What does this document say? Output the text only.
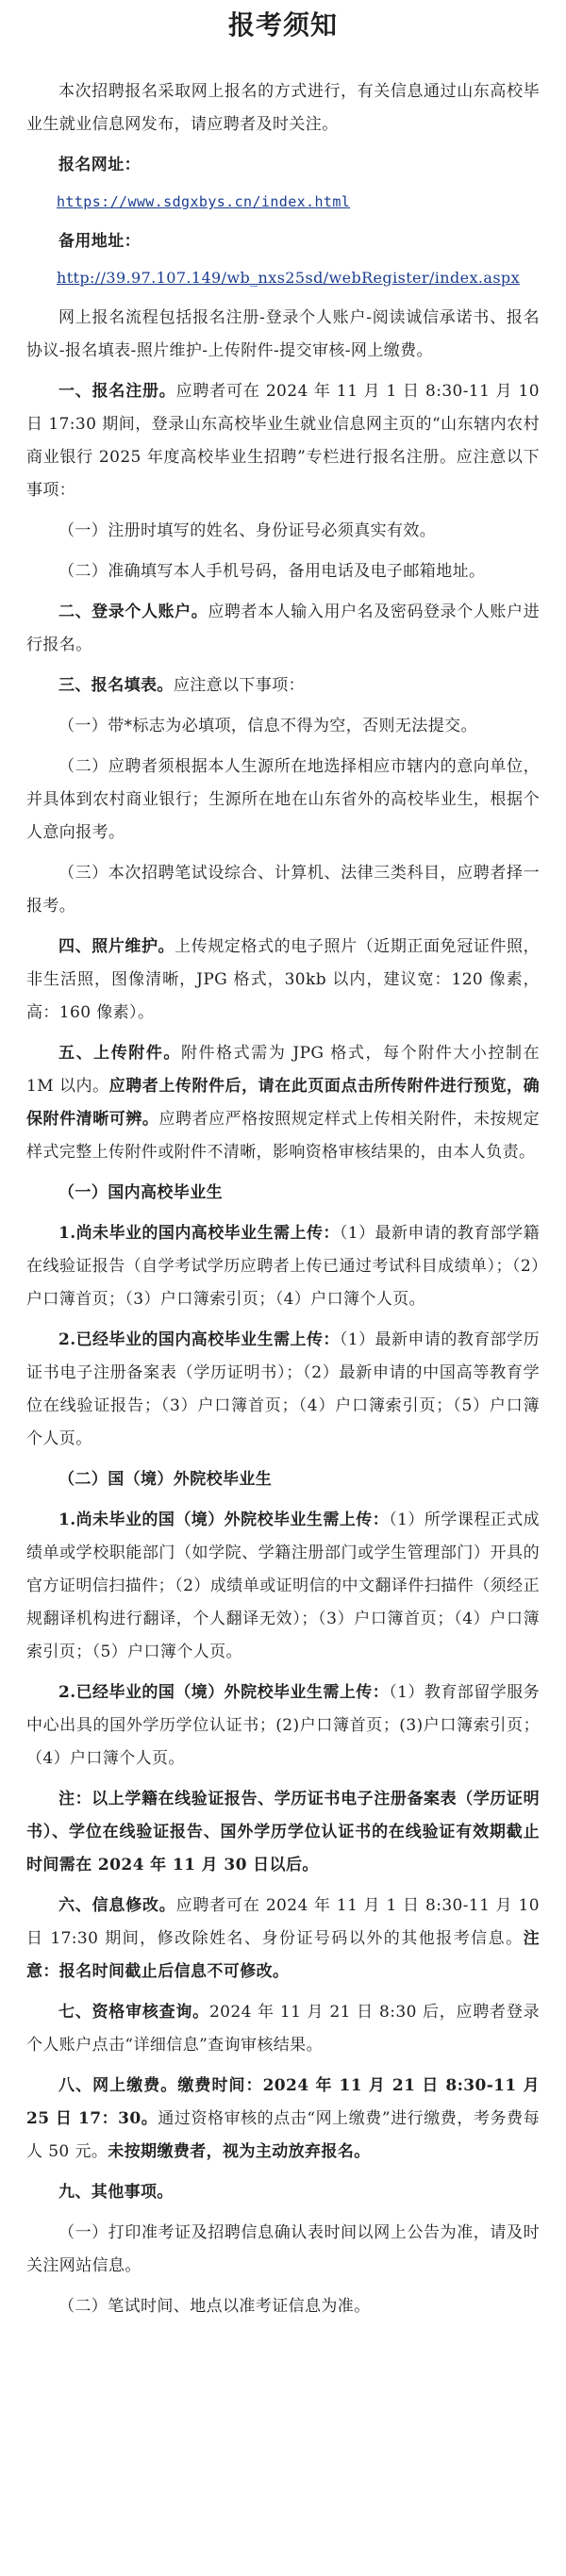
报考须知

本次招聘报名采取网上报名的方式进行，有关信息通过山东高校毕业生就业信息网发布，请应聘者及时关注。

报名网址：
https://www.sdgxbys.cn/index.html
备用地址：
http://39.97.107.149/wb_nxs25sd/webRegister/index.aspx

网上报名流程包括报名注册-登录个人账户-阅读诚信承诺书、报名协议-报名填表-照片维护-上传附件-提交审核-网上缴费。

一、报名注册。应聘者可在 2024 年 11 月 1 日 8:30-11 月 10 日 17:30 期间，登录山东高校毕业生就业信息网主页的“山东辖内农村商业银行 2025 年度高校毕业生招聘”专栏进行报名注册。应注意以下事项：

（一）注册时填写的姓名、身份证号必须真实有效。

（二）准确填写本人手机号码，备用电话及电子邮箱地址。

二、登录个人账户。应聘者本人输入用户名及密码登录个人账户进行报名。

三、报名填表。应注意以下事项：

（一）带*标志为必填项，信息不得为空，否则无法提交。

（二）应聘者须根据本人生源所在地选择相应市辖内的意向单位，并具体到农村商业银行；生源所在地在山东省外的高校毕业生，根据个人意向报考。

（三）本次招聘笔试设综合、计算机、法律三类科目，应聘者择一报考。

四、照片维护。上传规定格式的电子照片（近期正面免冠证件照，非生活照，图像清晰，JPG 格式，30kb 以内，建议宽：120 像素，高：160 像素）。

五、上传附件。附件格式需为 JPG 格式，每个附件大小控制在 1M 以内。应聘者上传附件后，请在此页面点击所传附件进行预览，确保附件清晰可辨。应聘者应严格按照规定样式上传相关附件，未按规定样式完整上传附件或附件不清晰，影响资格审核结果的，由本人负责。

（一）国内高校毕业生

1.尚未毕业的国内高校毕业生需上传：（1）最新申请的教育部学籍在线验证报告（自学考试学历应聘者上传已通过考试科目成绩单）；（2）户口簿首页；（3）户口簿索引页；（4）户口簿个人页。

2.已经毕业的国内高校毕业生需上传：（1）最新申请的教育部学历证书电子注册备案表（学历证明书）；（2）最新申请的中国高等教育学位在线验证报告；（3）户口簿首页；（4）户口簿索引页；（5）户口簿个人页。

（二）国（境）外院校毕业生

1.尚未毕业的国（境）外院校毕业生需上传：（1）所学课程正式成绩单或学校职能部门（如学院、学籍注册部门或学生管理部门）开具的官方证明信扫描件；（2）成绩单或证明信的中文翻译件扫描件（须经正规翻译机构进行翻译，个人翻译无效）；（3）户口簿首页；（4）户口簿索引页；（5）户口簿个人页。

2.已经毕业的国（境）外院校毕业生需上传：（1）教育部留学服务中心出具的国外学历学位认证书；(2)户口簿首页；(3)户口簿索引页；（4）户口簿个人页。

注：以上学籍在线验证报告、学历证书电子注册备案表（学历证明书）、学位在线验证报告、国外学历学位认证书的在线验证有效期截止时间需在 2024 年 11 月 30 日以后。

六、信息修改。应聘者可在 2024 年 11 月 1 日 8:30-11 月 10 日 17:30 期间，修改除姓名、身份证号码以外的其他报考信息。注意：报名时间截止后信息不可修改。

七、资格审核查询。2024 年 11 月 21 日 8:30 后，应聘者登录个人账户点击“详细信息”查询审核结果。

八、网上缴费。缴费时间：2024 年 11 月 21 日 8:30-11 月 25 日 17：30。通过资格审核的点击“网上缴费”进行缴费，考务费每人 50 元。未按期缴费者，视为主动放弃报名。

九、其他事项。

（一）打印准考证及招聘信息确认表时间以网上公告为准，请及时关注网站信息。

（二）笔试时间、地点以准考证信息为准。
